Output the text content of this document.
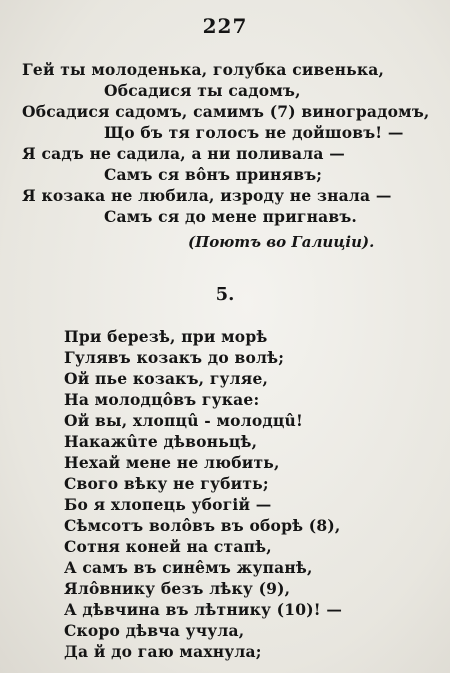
227
Гей ты молоденька, голубка сивенька,
Обсадися ты садомъ,
Обсадися садомъ, самимъ (7) виноградомъ,
Що бъ тя голосъ не дойшовъ! —
Я садъ не садила, а ни поливала —
Самъ ся вôнъ принявъ;
Я козака не любила, изроду не знала —
Самъ ся до мене пригнавъ.
(Поютъ во Галиціи).
5.
При березѣ, при морѣ
Гулявъ козакъ до волѣ;
Ой пье козакъ, гуляе,
На молодцôвъ гукае:
Ой вы, хлопцû - молодцû!
Накажûте дѣвоньцѣ,
Нехай мене не любить,
Свого вѣку не губить;
Бо я хлопець убогій —
Сѣмсотъ волôвъ въ оборѣ (8),
Сотня коней на стапѣ,
А самъ въ синêмъ жупанѣ,
Ялôвнику безъ лѣку (9),
А дѣвчина въ лѣтнику (10)! —
Скоро дѣвча учула,
Да й до гаю махнула;
